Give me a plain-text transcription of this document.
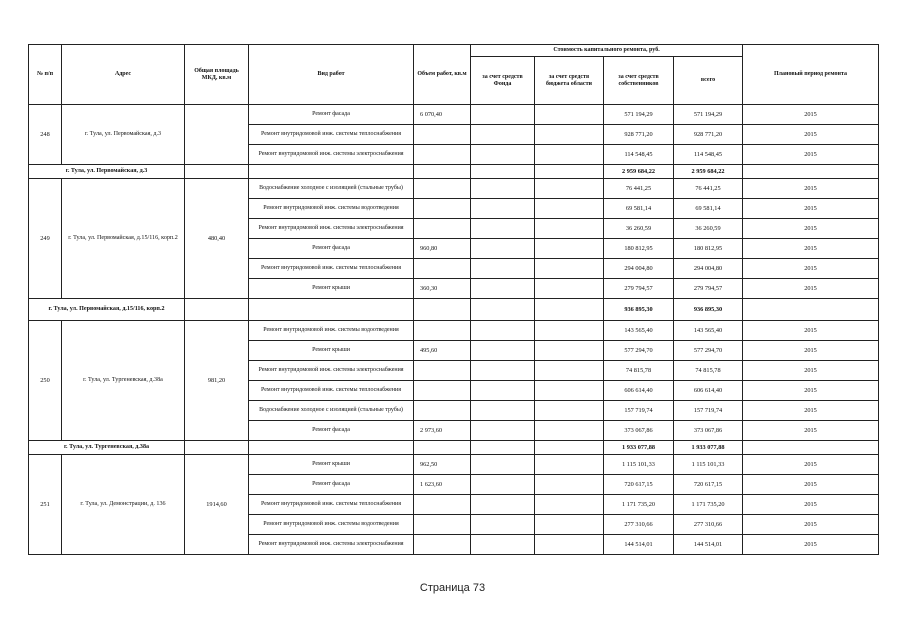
№ п/п	Адрес	Общая площадь МКД, кв.м	Вид работ	Объем работ, кв.м	Стоимость капитального ремонта, руб.				Плановый период ремонта
					за счет средств Фонда	за счет средств бюджета области	за счет средств собственников	всего	
248	г. Тула, ул. Первомайская, д.3		Ремонт фасада	6 070,40			571 194,29	571 194,29	2015
			Ремонт внутридомовой инж. системы теплоснабжения				928 771,20	928 771,20	2015
			Ремонт внутридомовой инж. системы электроснабжения				114 548,45	114 548,45	2015
г. Тула, ул. Первомайская, д.3							2 959 684,22	2 959 684,22	
249	г. Тула, ул. Первомайская, д.15/116, корп.2	480,40	Водоснабжение холодное с изоляцией (стальные трубы)				76 441,25	76 441,25	2015
			Ремонт внутридомовой инж. системы водоотведения				69 581,14	69 581,14	2015
			Ремонт внутридомовой инж. системы электроснабжения				36 260,59	36 260,59	2015
			Ремонт фасада	960,80			180 812,95	180 812,95	2015
			Ремонт внутридомовой инж. системы теплоснабжения				294 004,80	294 004,80	2015
			Ремонт крыши	360,30			279 794,57	279 794,57	2015
г. Тула, ул. Первомайская, д.15/116, корп.2							936 895,30	936 895,30	
250	г. Тула, ул. Тургеневская, д.38а	981,20	Ремонт внутридомовой инж. системы водоотведения				143 565,40	143 565,40	2015
			Ремонт крыши	495,60			577 294,70	577 294,70	2015
			Ремонт внутридомовой инж. системы электроснабжения				74 815,78	74 815,78	2015
			Ремонт внутридомовой инж. системы теплоснабжения				606 614,40	606 614,40	2015
			Водоснабжение холодное с изоляцией (стальные трубы)				157 719,74	157 719,74	2015
			Ремонт фасада	2 973,60			373 067,86	373 067,86	2015
г. Тула, ул. Тургеневская, д.38а							1 933 077,88	1 933 077,88	
251	г. Тула, ул. Демонстрации, д. 136	1914,60	Ремонт крыши	962,50			1 115 101,33	1 115 101,33	2015
			Ремонт фасада	1 623,60			720 617,15	720 617,15	2015
			Ремонт внутридомовой инж. системы теплоснабжения				1 171 735,20	1 171 735,20	2015
			Ремонт внутридомовой инж. системы водоотведения				277 310,66	277 310,66	2015
			Ремонт внутридомовой инж. системы электроснабжения				144 514,01	144 514,01	2015
Страница 73
